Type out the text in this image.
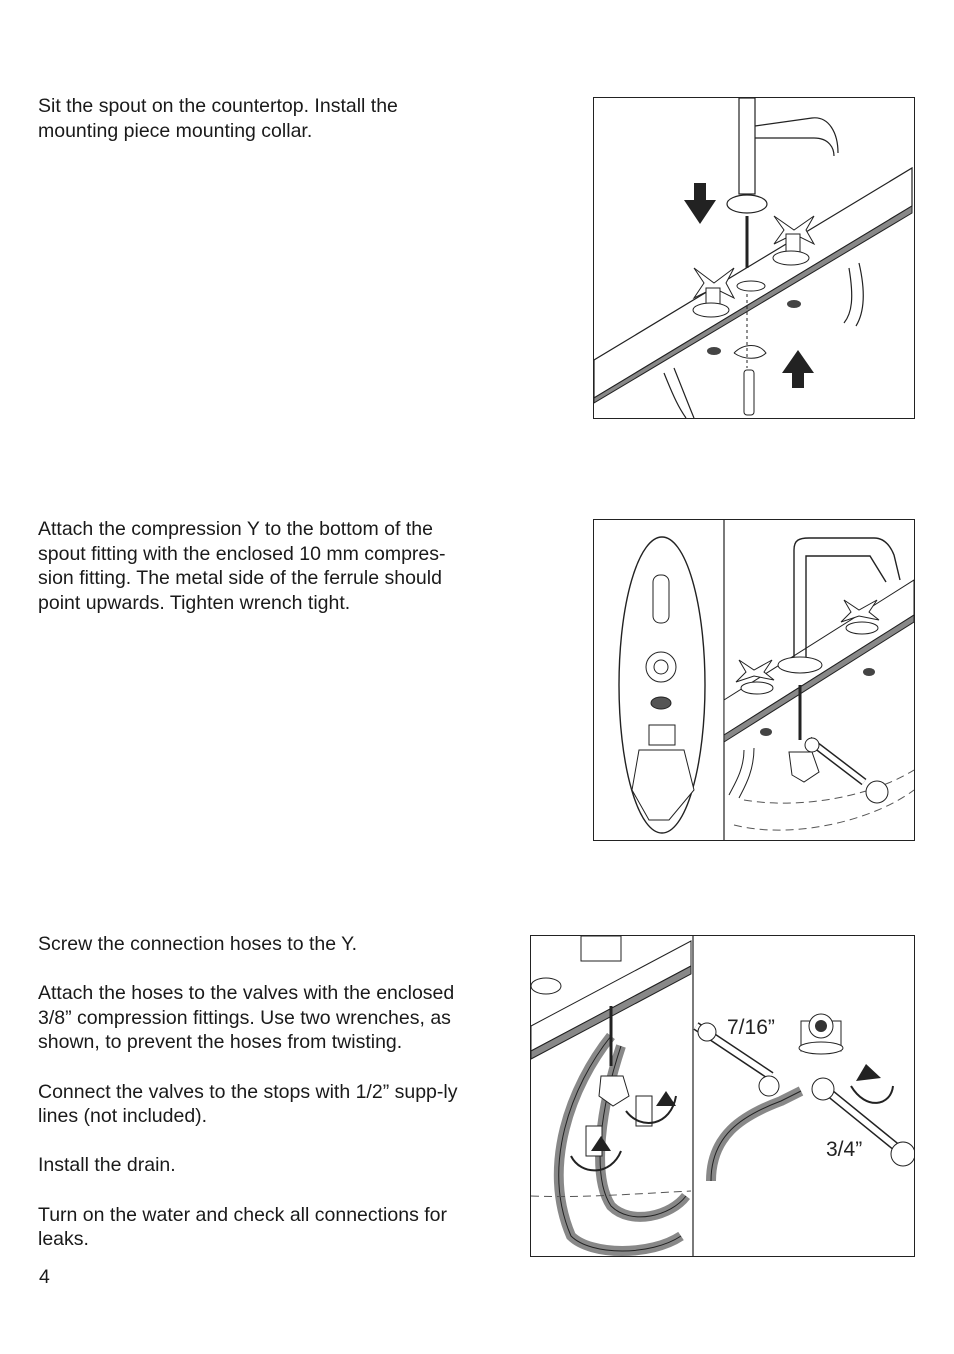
Sit the spout on the countertop. Install the mounting piece mounting collar.

Attach the compression Y to the bottom of the spout fitting with the enclosed 10 mm compres-sion fitting. The metal side of the ferrule should point upwards. Tighten wrench tight.

Screw the connection hoses to the Y.

Attach the hoses to the valves with the enclosed 3/8” compression fittings. Use two wrenches, as shown, to prevent the hoses from twisting.

Connect the valves to the stops with 1/2” supp-ly lines (not included).

Install the drain.

Turn on the water and check all connections for leaks.

7/16”
3/4”
4
